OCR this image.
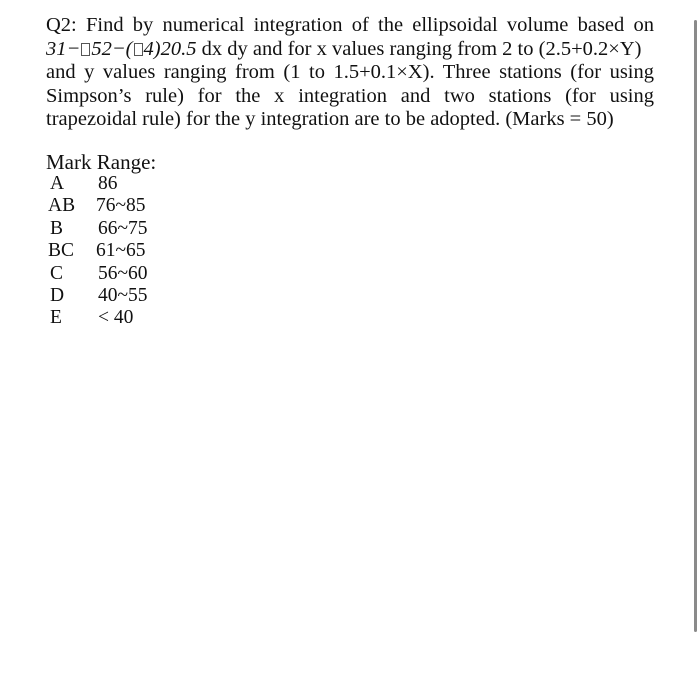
Q2: Find by numerical integration of the ellipsoidal volume based on
31− 52−( 4)20.5 dx dy and for x values ranging from 2 to (2.5+0.2×Y)
and y values ranging from (1 to 1.5+0.1×X). Three stations (for using
Simpson’s rule) for the x integration and two stations (for using
trapezoidal rule) for the y integration are to be adopted. (Marks = 50)
Mark Range:
A	86
AB	76~85
B	66~75
BC	61~65
C	56~60
D	40~55
E	< 40
